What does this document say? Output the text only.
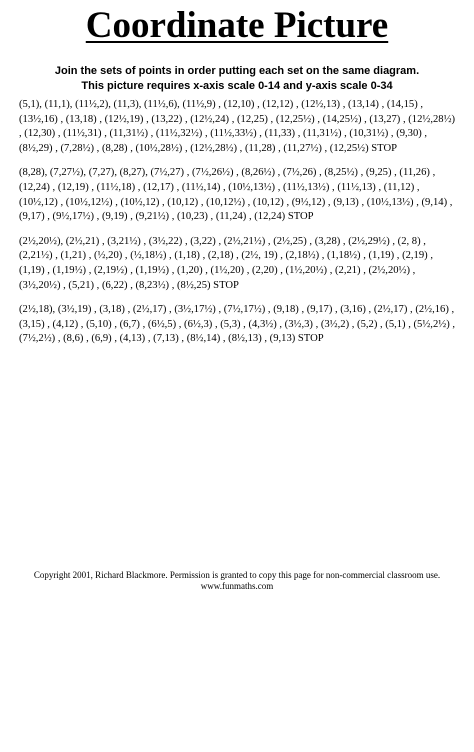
Coordinate Picture
Join the sets of points in order putting each set on the same diagram.
This picture requires x-axis scale 0-14 and y-axis scale 0-34

(5,1), (11,1), (11½,2), (11,3), (11½,6), (11½,9) , (12,10) , (12,12) , (12½,13) , (13,14) , (14,15) , (13½,16) , (13,18) , (12½,19) , (13,22) , (12½,24) , (12,25) , (12,25½) , (14,25½) , (13,27) , (12½,28½) , (12,30) , (11½,31) , (11,31½) , (11½,32½) , (11½,33½) , (11,33) , (11,31½) , (10,31½) , (9,30) , (8½,29) , (7,28½) , (8,28) , (10½,28½) , (12½,28½) , (11,28) , (11,27½) , (12,25½) STOP

(8,28), (7,27½), (7,27), (8,27), (7½,27) , (7½,26½) , (8,26½) , (7½,26) , (8,25½) , (9,25) , (11,26) , (12,24) , (12,19) , (11½,18) , (12,17) , (11½,14) , (10½,13½) , (11½,13½) , (11½,13) , (11,12) , (10½,12) , (10½,12½) , (10½,12) , (10,12) , (10,12½) , (10,12) , (9½,12) , (9,13) , (10½,13½) , (9,14) , (9,17) , (9½,17½) , (9,19) , (9,21½) , (10,23) , (11,24) , (12,24) STOP

(2½,20½), (2½,21) , (3,21½) , (3½,22) , (3,22) , (2½,21½) , (2½,25) , (3,28) , (2½,29½) , (2, 8) , (2,21½) , (1,21) , (½,20) , (½,18½) , (1,18) , (2,18) , (2½, 19) , (2,18½) , (1,18½) , (1,19) , (2,19) , (1,19) , (1,19½) , (2,19½) , (1,19½) , (1,20) , (1½,20) , (2,20) , (1½,20½) , (2,21) , (2½,20½) , (3½,20½) , (5,21) , (6,22) , (8,23½) , (8½,25) STOP

(2½,18), (3½,19) , (3,18) , (2½,17) , (3½,17½) , (7½,17½) , (9,18) , (9,17) , (3,16) , (2½,17) , (2½,16) , (3,15) , (4,12) , (5,10) , (6,7) , (6½,5) , (6½,3) , (5,3) , (4,3½) , (3½,3) , (3½,2) , (5,2) , (5,1) , (5½,2½) , (7½,2½) , (8,6) , (6,9) , (4,13) , (7,13) , (8½,14) , (8½,13) , (9,13) STOP

Copyright 2001, Richard Blackmore. Permission is granted to copy this page for non-commercial classroom use.
www.funmaths.com
